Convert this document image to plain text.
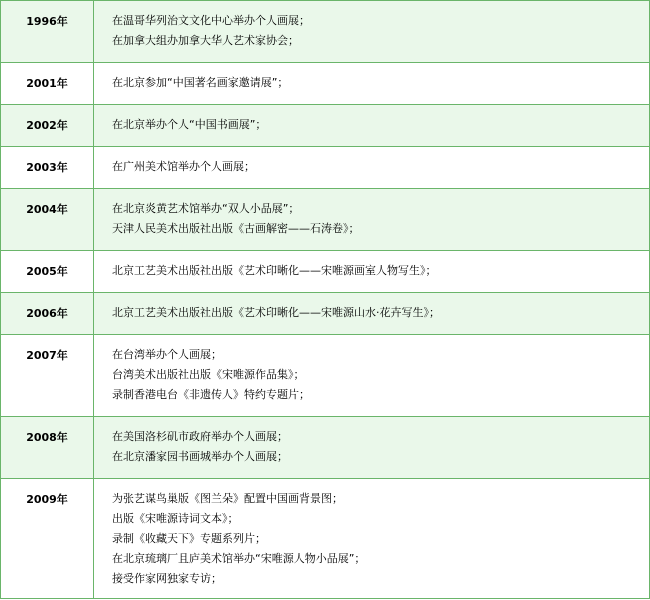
1996年	在温哥华列治文文化中心举办个人画展；
在加拿大组办加拿大华人艺术家协会；
2001年	在北京参加“中国著名画家邀请展”；
2002年	在北京举办个人“中国书画展”；
2003年	在广州美术馆举办个人画展；
2004年	在北京炎黄艺术馆举办“双人小品展”；
天津人民美术出版社出版《古画解密——石涛卷》；
2005年	北京工艺美术出版社出版《艺术印晰化——宋唯源画室人物写生》；
2006年	北京工艺美术出版社出版《艺术印晰化——宋唯源山水·花卉写生》；
2007年	在台湾举办个人画展；
台湾美术出版社出版《宋唯源作品集》；
录制香港电台《非遗传人》特约专题片；
2008年	在美国洛杉矶市政府举办个人画展；
在北京潘家园书画城举办个人画展；
2009年	为张艺谋鸟巢版《图兰朵》配置中国画背景图；
出版《宋唯源诗词文本》；
录制《收藏天下》专题系列片；
在北京琉璃厂且庐美术馆举办“宋唯源人物小品展”；
接受作家网独家专访；
